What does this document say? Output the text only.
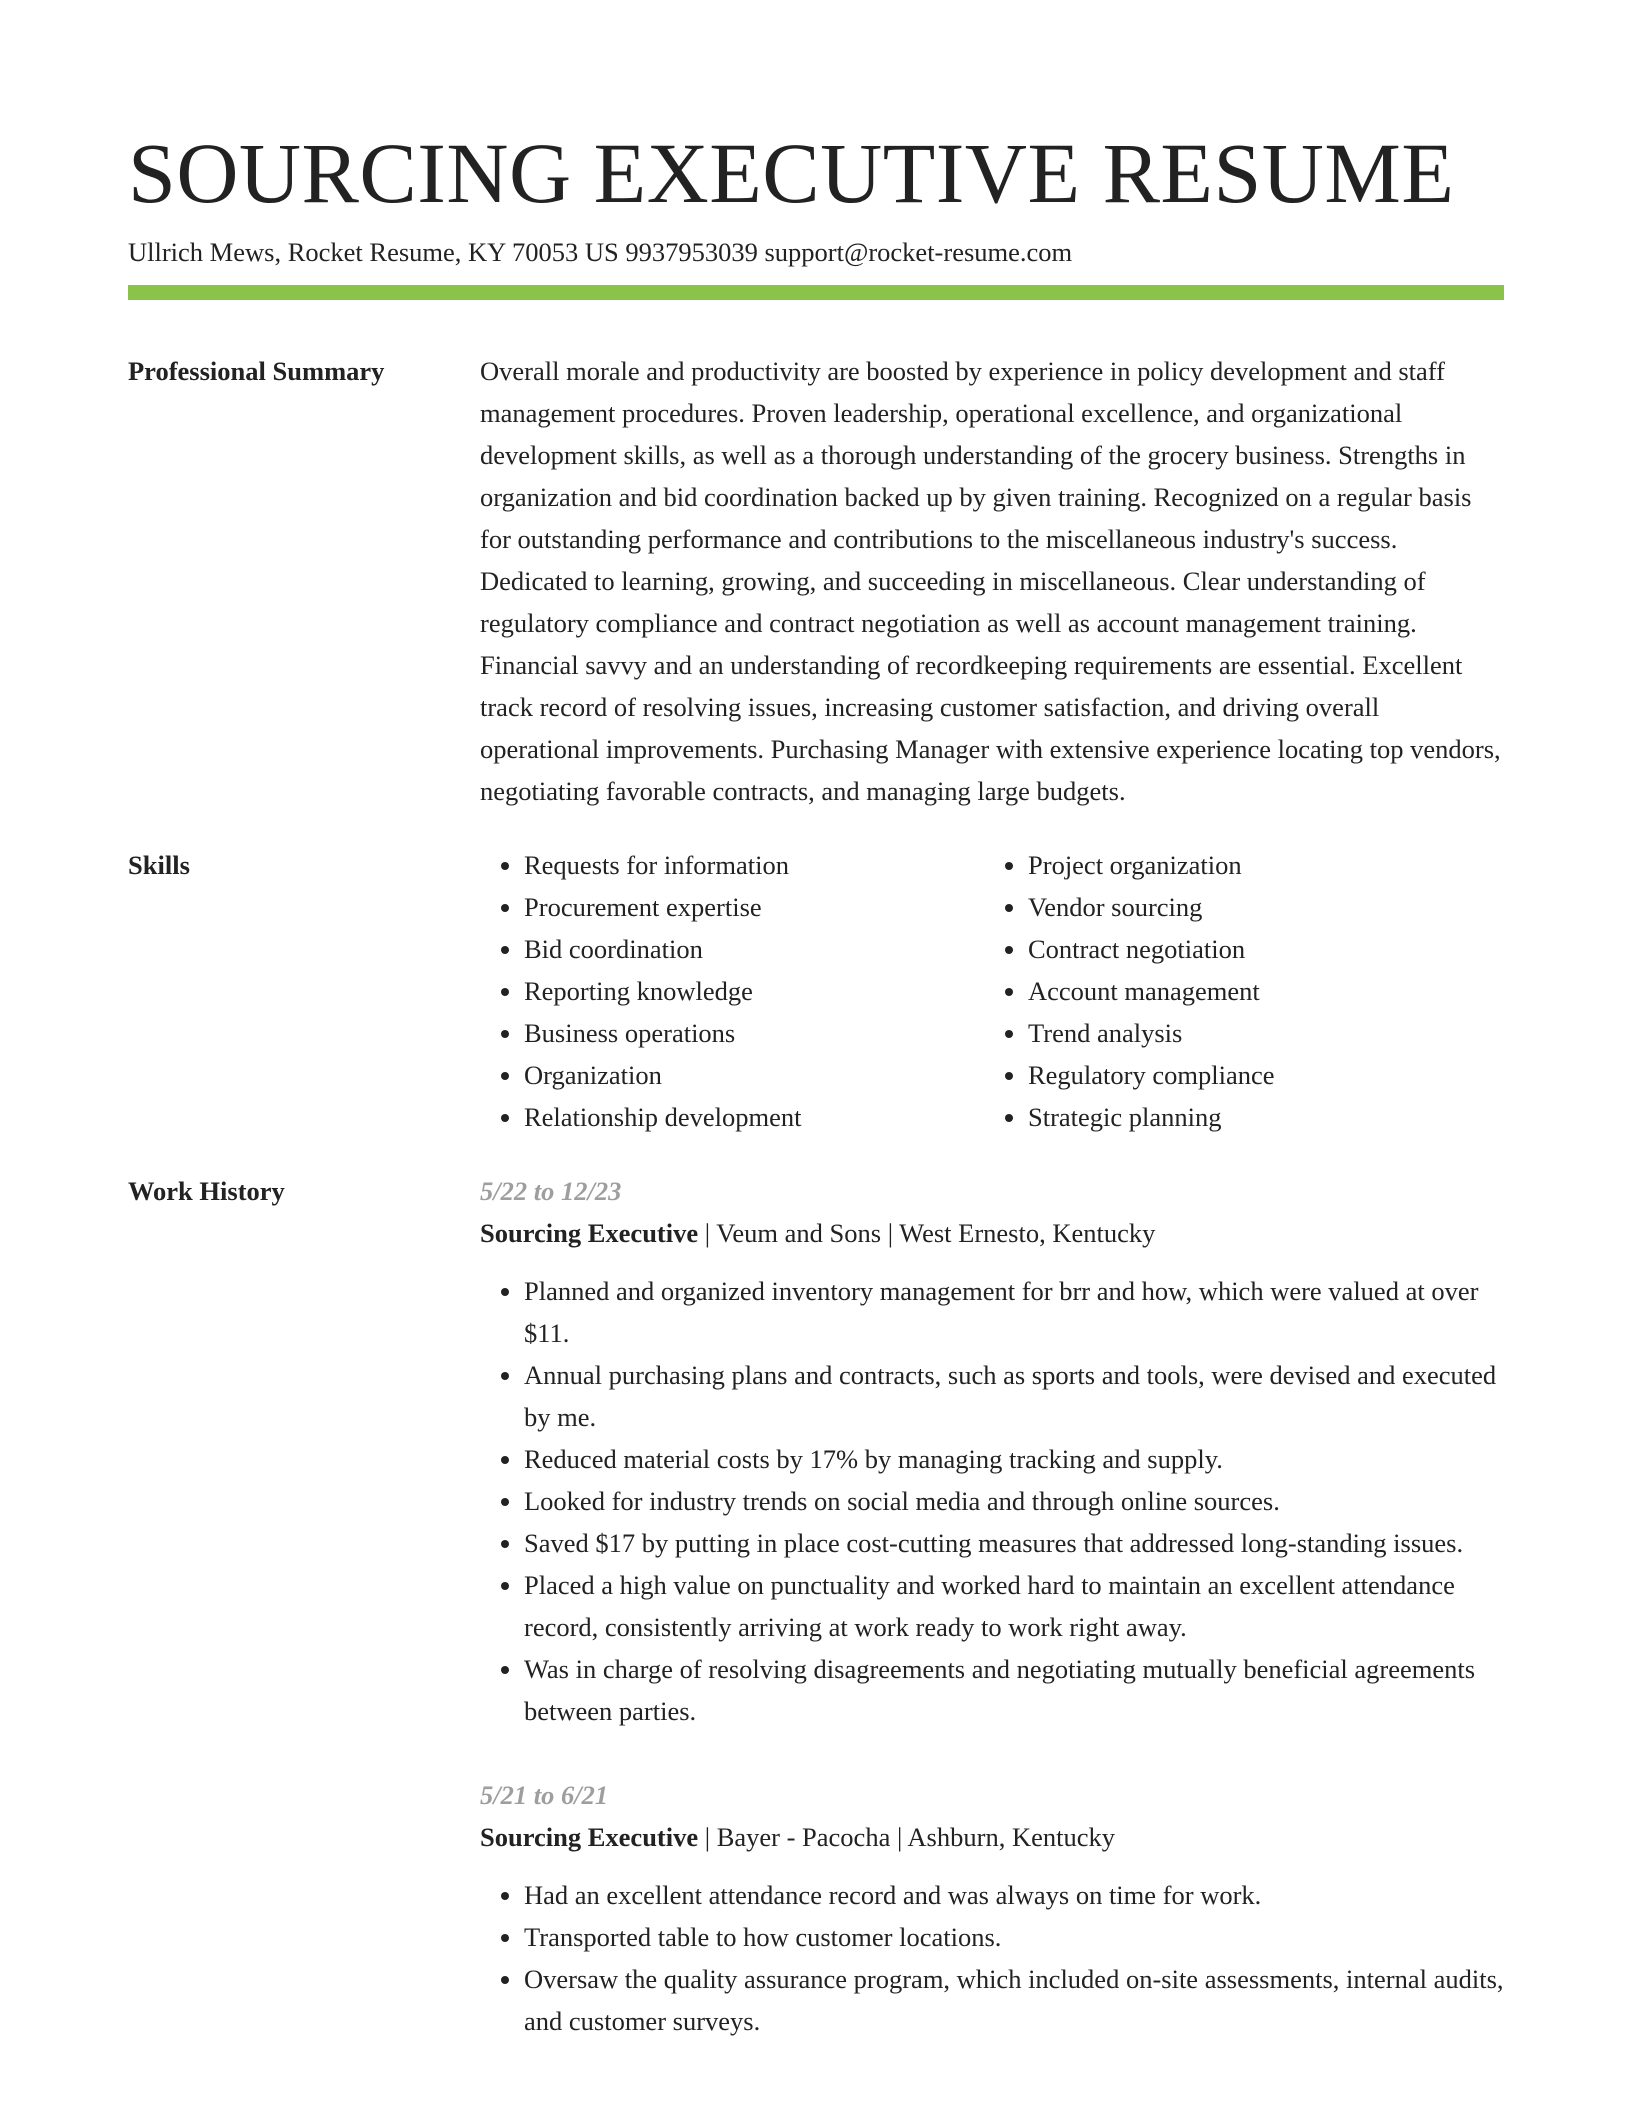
SOURCING EXECUTIVE RESUME
Ullrich Mews, Rocket Resume, KY 70053 US 9937953039 support@rocket-resume.com
Professional Summary	Overall morale and productivity are boosted by experience in policy development and staff management procedures. Proven leadership, operational excellence, and organizational development skills, as well as a thorough understanding of the grocery business. Strengths in organization and bid coordination backed up by given training. Recognized on a regular basis for outstanding performance and contributions to the miscellaneous industry's success. Dedicated to learning, growing, and succeeding in miscellaneous. Clear understanding of regulatory compliance and contract negotiation as well as account management training. Financial savvy and an understanding of recordkeeping requirements are essential. Excellent track record of resolving issues, increasing customer satisfaction, and driving overall operational improvements. Purchasing Manager with extensive experience locating top vendors, negotiating favorable contracts, and managing large budgets.

Skills
•	Requests for information
• Procurement expertise
• Bid coordination
• Reporting knowledge
• Business operations
• Organization
• Relationship development
• Project organization
• Vendor sourcing
• Contract negotiation
• Account management
• Trend analysis
• Regulatory compliance
• Strategic planning
Work History	5/22 to 12/23
Sourcing Executive | Veum and Sons | West Ernesto, Kentucky
• Planned and organized inventory management for brr and how, which were valued at over $11.
• Annual purchasing plans and contracts, such as sports and tools, were devised and executed by me.
• Reduced material costs by 17% by managing tracking and supply.
• Looked for industry trends on social media and through online sources.
• Saved $17 by putting in place cost-cutting measures that addressed long-standing issues.
• Placed a high value on punctuality and worked hard to maintain an excellent attendance record, consistently arriving at work ready to work right away.
• Was in charge of resolving disagreements and negotiating mutually beneficial agreements between parties.
5/21 to 6/21
Sourcing Executive | Bayer - Pacocha | Ashburn, Kentucky
• Had an excellent attendance record and was always on time for work.
• Transported table to how customer locations.
• Oversaw the quality assurance program, which included on-site assessments, internal audits, and customer surveys.
